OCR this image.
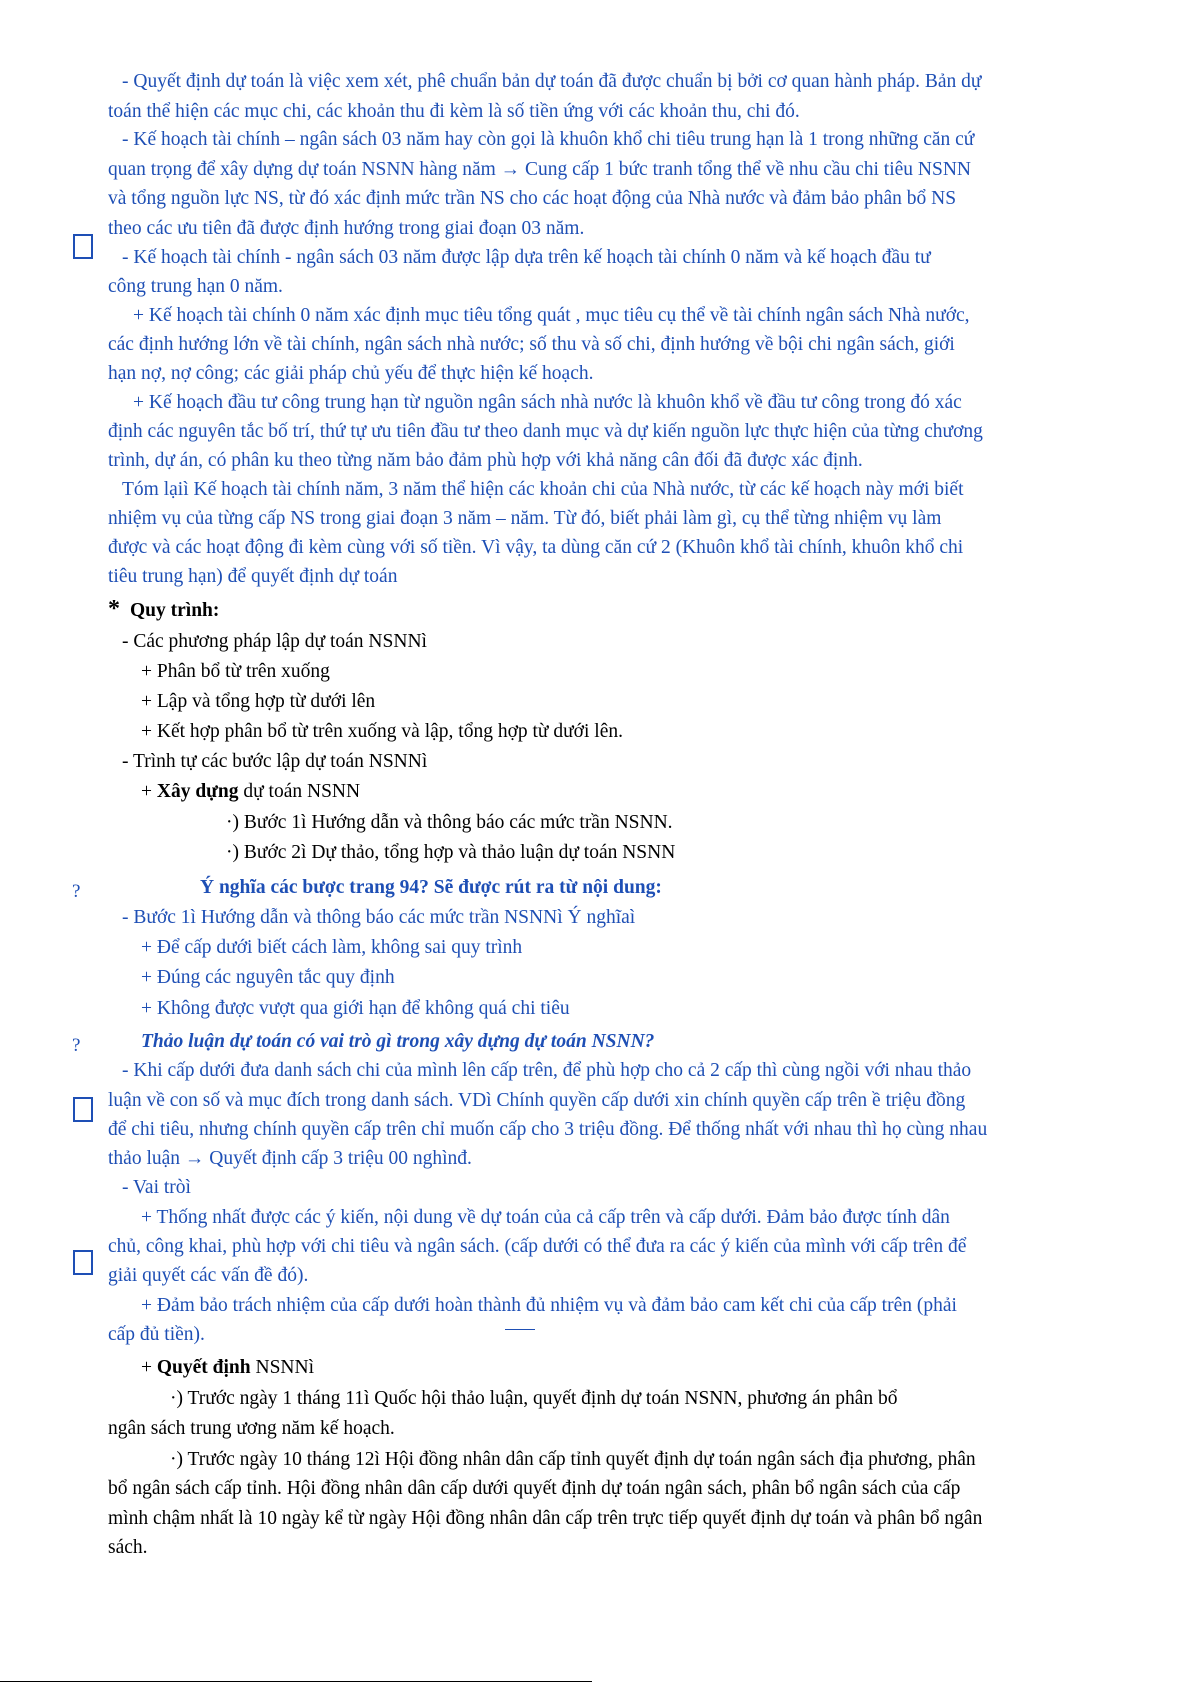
- Quyết định dự toán là việc xem xét, phê chuẩn bản dự toán đã được chuẩn bị bởi cơ quan hành pháp. Bản dự
toán thể hiện các mục chi, các khoản thu đi kèm là số tiền ứng với các khoản thu, chi đó.
- Kế hoạch tài chính – ngân sách 03 năm hay còn gọi là khuôn khổ chi tiêu trung hạn là 1 trong những căn cứ
quan trọng để xây dựng dự toán NSNN hàng năm → Cung cấp 1 bức tranh tổng thể về nhu cầu chi tiêu NSNN
và tổng nguồn lực NS, từ đó xác định mức trần NS cho các hoạt động của Nhà nước và đảm bảo phân bổ NS
theo các ưu tiên đã được định hướng trong giai đoạn 03 năm.
- Kế hoạch tài chính - ngân sách 03 năm được lập dựa trên kế hoạch tài chính 0 năm và kế hoạch đầu tư
công trung hạn 0 năm.
+ Kế hoạch tài chính 0 năm xác định mục tiêu tổng quát , mục tiêu cụ thể về tài chính ngân sách Nhà nước,
các định hướng lớn về tài chính, ngân sách nhà nước; số thu và số chi, định hướng về bội chi ngân sách, giới
hạn nợ, nợ công; các giải pháp chủ yếu để thực hiện kế hoạch.
+ Kế hoạch đầu tư công trung hạn từ nguồn ngân sách nhà nước là khuôn khổ về đầu tư công trong đó xác
định các nguyên tắc bố trí, thứ tự ưu tiên đầu tư theo danh mục và dự kiến nguồn lực thực hiện của từng chương
trình, dự án, có phân ku theo từng năm bảo đảm phù hợp với khả năng cân đối đã được xác định.
Tóm lại‌ì Kế hoạch tài chính năm, 3 năm thể hiện các khoản chi của Nhà nước, từ các kế hoạch này mới biết
nhiệm vụ của từng cấp NS trong giai đoạn 3 năm – năm. Từ đó, biết phải làm gì, cụ thể từng nhiệm vụ làm
được và các hoạt động đi kèm cùng với số tiền. Vì vậy, ta dùng căn cứ 2 (Khuôn khổ tài chính, khuôn khổ chi
tiêu trung hạn) để quyết định dự toán
* Quy trình:
- Các phương pháp lập dự toán NSNNì
+ Phân bổ từ trên xuống
+ Lập và tổng hợp từ dưới lên
+ Kết hợp phân bổ từ trên xuống và lập, tổng hợp từ dưới lên.
- Trình tự các bước lập dự toán NSNNì
+ Xây dựng dự toán NSNN
·) Bước 1ì Hướng dẫn và thông báo các mức trần NSNN.
·) Bước 2ì Dự thảo, tổng hợp và thảo luận dự toán NSNN
?	Ý nghĩa các bược trang 94? Sẽ được rút ra từ nội dung:
- Bước 1ì Hướng dẫn và thông báo các mức trần NSNNì Ý nghĩaì
+ Để cấp dưới biết cách làm, không sai quy trình
+ Đúng các nguyên tắc quy định
+ Không được vượt qua giới hạn để không quá chi tiêu
?	Thảo luận dự toán có vai trò gì trong xây dựng dự toán NSNN?
- Khi cấp dưới đưa danh sách chi của mình lên cấp trên, để phù hợp cho cả 2 cấp thì cùng ngồi với nhau thảo
luận về con số và mục đích trong danh sách. VDì Chính quyền cấp dưới xin chính quyền cấp trên ề triệu đồng
để chi tiêu, nhưng chính quyền cấp trên chỉ muốn cấp cho 3 triệu đồng. Để thống nhất với nhau thì họ cùng nhau
thảo luận → Quyết định cấp 3 triệu 00 nghìnđ.
- Vai trò‌ì
+ Thống nhất được các ý kiến, nội dung về dự toán của cả cấp trên và cấp dưới. Đảm bảo được tính dân
chủ, công khai, phù hợp với chi tiêu và ngân sách. (cấp dưới có thể đưa ra các ý kiến của mình với cấp trên để
giải quyết các vấn đề đó).
+ Đảm bảo trách nhiệm của cấp dưới hoàn thành đủ nhiệm vụ và đảm bảo cam kết chi của cấp trên (phải
cấp đủ tiền).
+ Quyết định NSNNì
·) Trước ngày 1 tháng 11ì Quốc hội thảo luận, quyết định dự toán NSNN, phương án phân bổ
ngân sách trung ương năm kế hoạch.
·) Trước ngày 10 tháng 12ì Hội đồng nhân dân cấp tỉnh quyết định dự toán ngân sách địa phương, phân
bổ ngân sách cấp tỉnh. Hội đồng nhân dân cấp dưới quyết định dự toán ngân sách, phân bổ ngân sách của cấp
mình chậm nhất là 10 ngày kể từ ngày Hội đồng nhân dân cấp trên trực tiếp quyết định dự toán và phân bổ ngân
sách.
